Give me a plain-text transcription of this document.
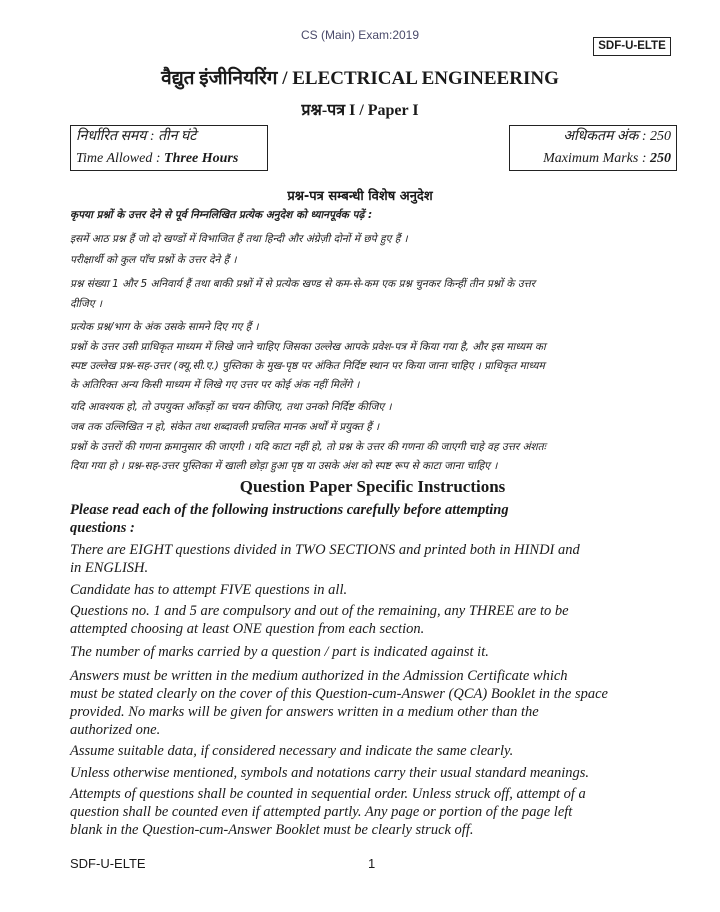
CS (Main) Exam:2019
SDF-U-ELTE
वैद्युत इंजीनियरिंग / ELECTRICAL ENGINEERING
प्रश्न-पत्र I / Paper I
निर्धारित समय : तीन घंटे
Time Allowed : Three Hours
अधिकतम अंक : 250
Maximum Marks : 250
प्रश्न-पत्र सम्बन्धी विशेष अनुदेश
कृपया प्रश्नों के उत्तर देने से पूर्व निम्नलिखित प्रत्येक अनुदेश को ध्यानपूर्वक पढ़ें :
इसमें आठ प्रश्न हैं जो दो खण्डों में विभाजित हैं तथा हिन्दी और अंग्रेज़ी दोनों में छपे हुए हैं ।
परीक्षार्थी को कुल पाँच प्रश्नों के उत्तर देने हैं ।
प्रश्न संख्या 1 और 5 अनिवार्य हैं तथा बाकी प्रश्नों में से प्रत्येक खण्ड से कम-से-कम एक प्रश्न चुनकर किन्हीं तीन प्रश्नों के उत्तर
दीजिए ।
प्रत्येक प्रश्न/भाग के अंक उसके सामने दिए गए हैं ।
प्रश्नों के उत्तर उसी प्राधिकृत माध्यम में लिखे जाने चाहिए जिसका उल्लेख आपके प्रवेश-पत्र में किया गया है, और इस माध्यम का
स्पष्ट उल्लेख प्रश्न-सह-उत्तर (क्यू.सी.ए.) पुस्तिका के मुख-पृष्ठ पर अंकित निर्दिष्ट स्थान पर किया जाना चाहिए । प्राधिकृत माध्यम
के अतिरिक्त अन्य किसी माध्यम में लिखे गए उत्तर पर कोई अंक नहीं मिलेंगे ।
यदि आवश्यक हो, तो उपयुक्त आँकड़ों का चयन कीजिए, तथा उनको निर्दिष्ट कीजिए ।
जब तक उल्लिखित न हो, संकेत तथा शब्दावली प्रचलित मानक अर्थों में प्रयुक्त हैं ।
प्रश्नों के उत्तरों की गणना क्रमानुसार की जाएगी । यदि काटा नहीं हो, तो प्रश्न के उत्तर की गणना की जाएगी चाहे वह उत्तर अंशतः
दिया गया हो । प्रश्न-सह-उत्तर पुस्तिका में खाली छोड़ा हुआ पृष्ठ या उसके अंश को स्पष्ट रूप से काटा जाना चाहिए ।
Question Paper Specific Instructions
Please read each of the following instructions carefully before attempting
questions :
There are EIGHT questions divided in TWO SECTIONS and printed both in HINDI and
in ENGLISH.
Candidate has to attempt FIVE questions in all.
Questions no. 1 and 5 are compulsory and out of the remaining, any THREE are to be
attempted choosing at least ONE question from each section.
The number of marks carried by a question / part is indicated against it.
Answers must be written in the medium authorized in the Admission Certificate which
must be stated clearly on the cover of this Question-cum-Answer (QCA) Booklet in the space
provided. No marks will be given for answers written in a medium other than the
authorized one.
Assume suitable data, if considered necessary and indicate the same clearly.
Unless otherwise mentioned, symbols and notations carry their usual standard meanings.
Attempts of questions shall be counted in sequential order. Unless struck off, attempt of a
question shall be counted even if attempted partly. Any page or portion of the page left
blank in the Question-cum-Answer Booklet must be clearly struck off.
SDF-U-ELTE	1
